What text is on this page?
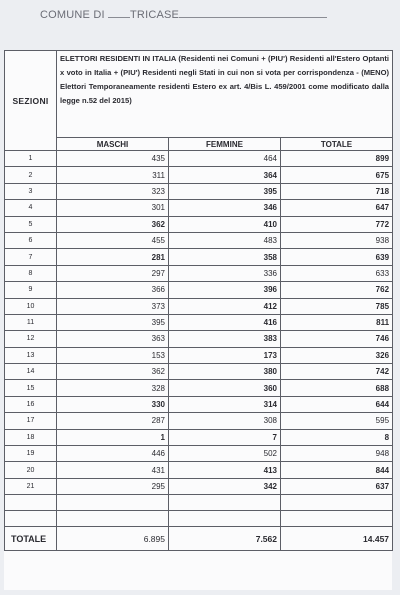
COMUNE DI TRICASE
SEZIONI	ELETTORI RESIDENTI IN ITALIA (Residenti nei Comuni + (PIU') Residenti all'Estero Optanti x voto in Italia + (PIU') Residenti negli Stati in cui non si vota per corrispondenza - (MENO) Elettori Temporaneamente residenti Estero ex art. 4/Bis L. 459/2001 come modificato dalla legge n.52 del 2015)		
	MASCHI	FEMMINE	TOTALE
1	435	464	899
2	311	364	675
3	323	395	718
4	301	346	647
5	362	410	772
6	455	483	938
7	281	358	639
8	297	336	633
9	366	396	762
10	373	412	785
11	395	416	811
12	363	383	746
13	153	173	326
14	362	380	742
15	328	360	688
16	330	314	644
17	287	308	595
18	1	7	8
19	446	502	948
20	431	413	844
21	295	342	637

TOTALE	6.895	7.562	14.457
